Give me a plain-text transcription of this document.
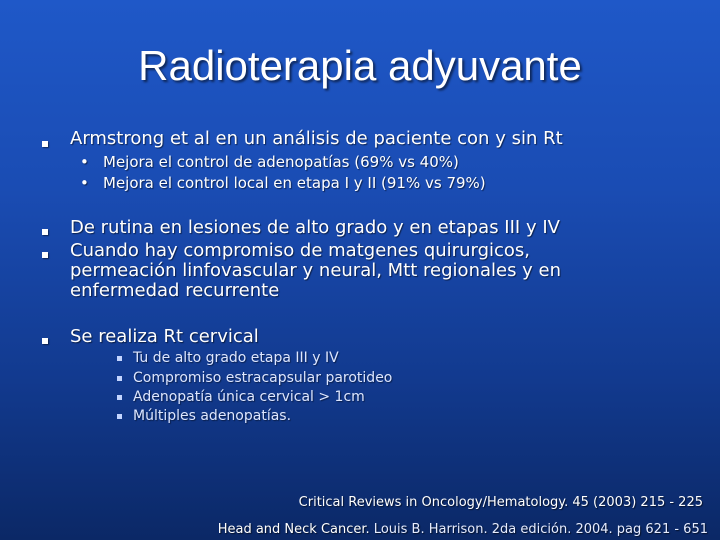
Radioterapia adyuvante
Armstrong et al en un análisis de paciente con y sin Rt
• Mejora el control de adenopatías (69% vs 40%)
• Mejora el control local en etapa I y II (91% vs 79%)
De rutina en lesiones de alto grado y en etapas III y IV
Cuando hay compromiso de matgenes quirurgicos,
permeación linfovascular y neural, Mtt regionales y en
enfermedad recurrente
Se realiza Rt cervical
Tu de alto grado etapa III y IV
Compromiso estracapsular parotideo
Adenopatía única cervical > 1cm
Múltiples adenopatías.
Critical Reviews in Oncology/Hematology. 45 (2003) 215 - 225
Head and Neck Cancer. Louis B. Harrison. 2da edición. 2004. pag 621 - 651
